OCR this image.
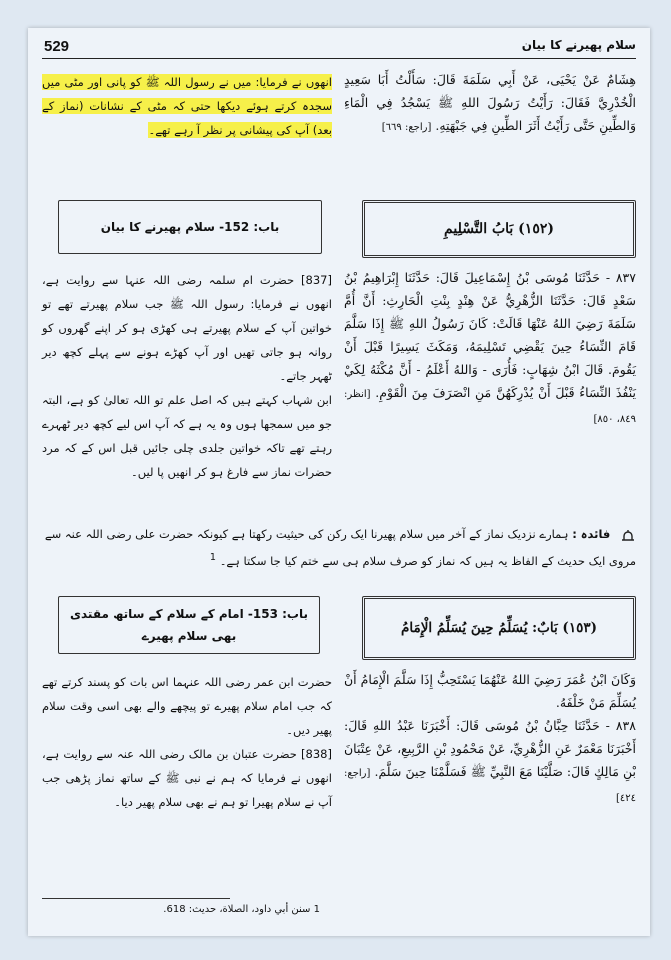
529	سلام پھیرنے کا بیان
هِشَامٌ عَنْ يَحْيَى، عَنْ أَبِي سَلَمَةَ قَالَ: سَأَلْتُ أَبَا سَعِيدٍ الْخُدْرِيَّ فَقَالَ: رَأَيْتُ رَسُولَ اللهِ ﷺ يَسْجُدُ فِي الْمَاءِ وَالطِّينِ حَتَّى رَأَيْتُ أَثَرَ الطِّينِ فِي جَبْهَتِهِ. [راجع: ٦٦٩]
انھوں نے فرمایا: میں نے رسول اللہ ﷺ کو پانی اور مٹی میں سجدہ کرتے ہوئے دیکھا حتی کہ مٹی کے نشانات (نماز کے بعد) آپ کی پیشانی پر نظر آ رہے تھے۔
(١٥٢) بَابُ التَّسْلِيمِ
باب: 152- سلام پھیرنے کا بیان
٨٣٧ - حَدَّثَنَا مُوسَى بْنُ إِسْمَاعِيلَ قَالَ: حَدَّثَنَا إِبْرَاهِيمُ بْنُ سَعْدٍ قَالَ: حَدَّثَنَا الزُّهْرِيُّ عَنْ هِنْدٍ بِنْتِ الْحَارِثِ: أَنَّ أُمَّ سَلَمَةَ رَضِيَ اللهُ عَنْهَا قَالَتْ: كَانَ رَسُولُ اللهِ ﷺ إِذَا سَلَّمَ قَامَ النِّسَاءُ حِينَ يَقْضِي تَسْلِيمَهُ، وَمَكَثَ يَسِيرًا قَبْلَ أَنْ يَقُومَ. قَالَ ابْنُ شِهَابٍ: فَأُرَى - وَاللهُ أَعْلَمُ - أَنَّ مُكْثَهُ لِكَيْ يَنْفُذَ النِّسَاءُ قَبْلَ أَنْ يُدْرِكَهُنَّ مَنِ انْصَرَفَ مِنَ الْقَوْمِ. [انظر: ٨٤٩، ٨٥٠]
[837] حضرت ام سلمہ رضی اللہ عنہا سے روایت ہے، انھوں نے فرمایا: رسول اللہ ﷺ جب سلام پھیرتے تھے تو خواتین آپ کے سلام پھیرتے ہی کھڑی ہو کر اپنے گھروں کو روانہ ہو جاتی تھیں اور آپ کھڑے ہونے سے پہلے کچھ دیر ٹھہر جاتے۔
ابن شہاب کہتے ہیں کہ اصل علم تو اللہ تعالیٰ کو ہے، البتہ جو میں سمجھا ہوں وہ یہ ہے کہ آپ اس لیے کچھ دیر ٹھہرے رہتے تھے تاکہ خواتین جلدی چلی جائیں قبل اس کے کہ مرد حضرات نماز سے فارغ ہو کر انھیں پا لیں۔
فائدہ : ہمارے نزدیک نماز کے آخر میں سلام پھیرنا ایک رکن کی حیثیت رکھتا ہے کیونکہ حضرت علی رضی اللہ عنہ سے مروی ایک حدیث کے الفاظ یہ ہیں کہ نماز کو صرف سلام ہی سے ختم کیا جا سکتا ہے۔ $^1$
(١٥٣) بَابٌ: يُسَلِّمُ حِينَ يُسَلِّمُ الْإِمَامُ
باب: 153- امام کے سلام کے ساتھ مقتدی بھی سلام پھیرے
وَكَانَ ابْنُ عُمَرَ رَضِيَ اللهُ عَنْهُمَا يَسْتَحِبُّ إِذَا سَلَّمَ الْإِمَامُ أَنْ يُسَلِّمَ مَنْ خَلْفَهُ.
٨٣٨ - حَدَّثَنَا حِبَّانُ بْنُ مُوسَى قَالَ: أَخْبَرَنَا عَبْدُ اللهِ قَالَ: أَخْبَرَنَا مَعْمَرٌ عَنِ الزُّهْرِيِّ، عَنْ مَحْمُودِ بْنِ الرَّبِيعِ، عَنْ عِتْبَانَ بْنِ مَالِكٍ قَالَ: صَلَّيْنَا مَعَ النَّبِيِّ ﷺ فَسَلَّمْنَا حِينَ سَلَّمَ. [راجع: ٤٢٤]
حضرت ابن عمر رضی اللہ عنہما اس بات کو پسند کرتے تھے کہ جب امام سلام پھیرے تو پیچھے والے بھی اسی وقت سلام پھیر دیں۔
[838] حضرت عتبان بن مالک رضی اللہ عنہ سے روایت ہے، انھوں نے فرمایا کہ ہم نے نبی ﷺ کے ساتھ نماز پڑھی جب آپ نے سلام پھیرا تو ہم نے بھی سلام پھیر دیا۔
1 سنن أبي داود، الصلاة، حديث: 618.
